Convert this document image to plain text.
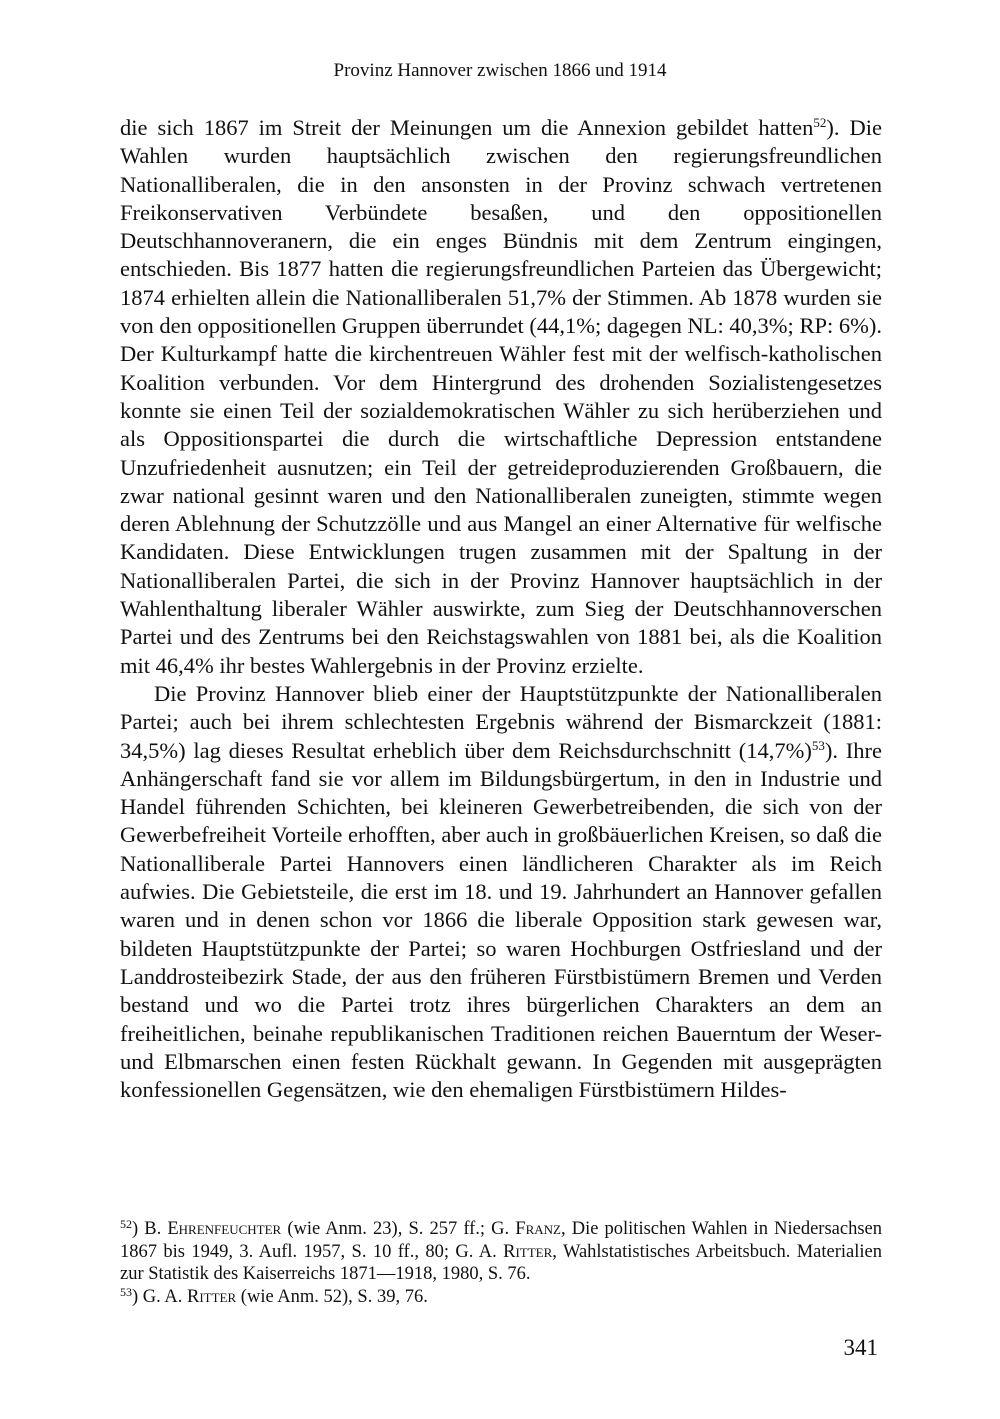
Provinz Hannover zwischen 1866 und 1914

die sich 1867 im Streit der Meinungen um die Annexion gebildet hatten$^{52}$). Die Wahlen wurden hauptsächlich zwischen den regierungsfreundlichen Nationalliberalen, die in den ansonsten in der Provinz schwach vertretenen Freikonservativen Verbündete besaßen, und den oppositionellen Deutschhannoveranern, die ein enges Bündnis mit dem Zentrum eingingen, entschieden. Bis 1877 hatten die regierungsfreundlichen Parteien das Übergewicht; 1874 erhielten allein die Nationalliberalen 51,7% der Stimmen. Ab 1878 wurden sie von den oppositionellen Gruppen überrundet (44,1%; dagegen NL: 40,3%; RP: 6%). Der Kulturkampf hatte die kirchentreuen Wähler fest mit der welfisch-katholischen Koalition verbunden. Vor dem Hintergrund des drohenden Sozialistengesetzes konnte sie einen Teil der sozialdemokratischen Wähler zu sich herüberziehen und als Oppositionspartei die durch die wirtschaftliche Depression entstandene Unzufriedenheit ausnutzen; ein Teil der getreideproduzierenden Großbauern, die zwar national gesinnt waren und den Nationalliberalen zuneigten, stimmte wegen deren Ablehnung der Schutzzölle und aus Mangel an einer Alternative für welfische Kandidaten. Diese Entwicklungen trugen zusammen mit der Spaltung in der Nationalliberalen Partei, die sich in der Provinz Hannover hauptsächlich in der Wahlenthaltung liberaler Wähler auswirkte, zum Sieg der Deutschhannoverschen Partei und des Zentrums bei den Reichstagswahlen von 1881 bei, als die Koalition mit 46,4% ihr bestes Wahlergebnis in der Provinz erzielte.

Die Provinz Hannover blieb einer der Hauptstützpunkte der Nationalliberalen Partei; auch bei ihrem schlechtesten Ergebnis während der Bismarckzeit (1881: 34,5%) lag dieses Resultat erheblich über dem Reichsdurchschnitt $(14,7\%)^{53}$). Ihre Anhängerschaft fand sie vor allem im Bildungsbürgertum, in den in Industrie und Handel führenden Schichten, bei kleineren Gewerbetreibenden, die sich von der Gewerbefreiheit Vorteile erhofften, aber auch in großbäuerlichen Kreisen, so daß die Nationalliberale Partei Hannovers einen ländlicheren Charakter als im Reich aufwies. Die Gebietsteile, die erst im 18. und 19. Jahrhundert an Hannover gefallen waren und in denen schon vor 1866 die liberale Opposition stark gewesen war, bildeten Hauptstützpunkte der Partei; so waren Hochburgen Ostfriesland und der Landdrosteibezirk Stade, der aus den früheren Fürstbistümern Bremen und Verden bestand und wo die Partei trotz ihres bürgerlichen Charakters an dem an freiheitlichen, beinahe republikanischen Traditionen reichen Bauerntum der Weser- und Elbmarschen einen festen Rückhalt gewann. In Gegenden mit ausgeprägten konfessionellen Gegensätzen, wie den ehemaligen Fürstbistümern Hildes-

$^{52}$) B. Ehrenfeuchter (wie Anm. 23), S. 257 ff.; G. Franz, Die politischen Wahlen in Niedersachsen 1867 bis 1949, 3. Aufl. 1957, S. 10 ff., 80; G. A. Ritter, Wahlstatistisches Arbeitsbuch. Materialien zur Statistik des Kaiserreichs 1871—1918, 1980, S. 76.

$^{53}$) G. A. Ritter (wie Anm. 52), S. 39, 76.

341
